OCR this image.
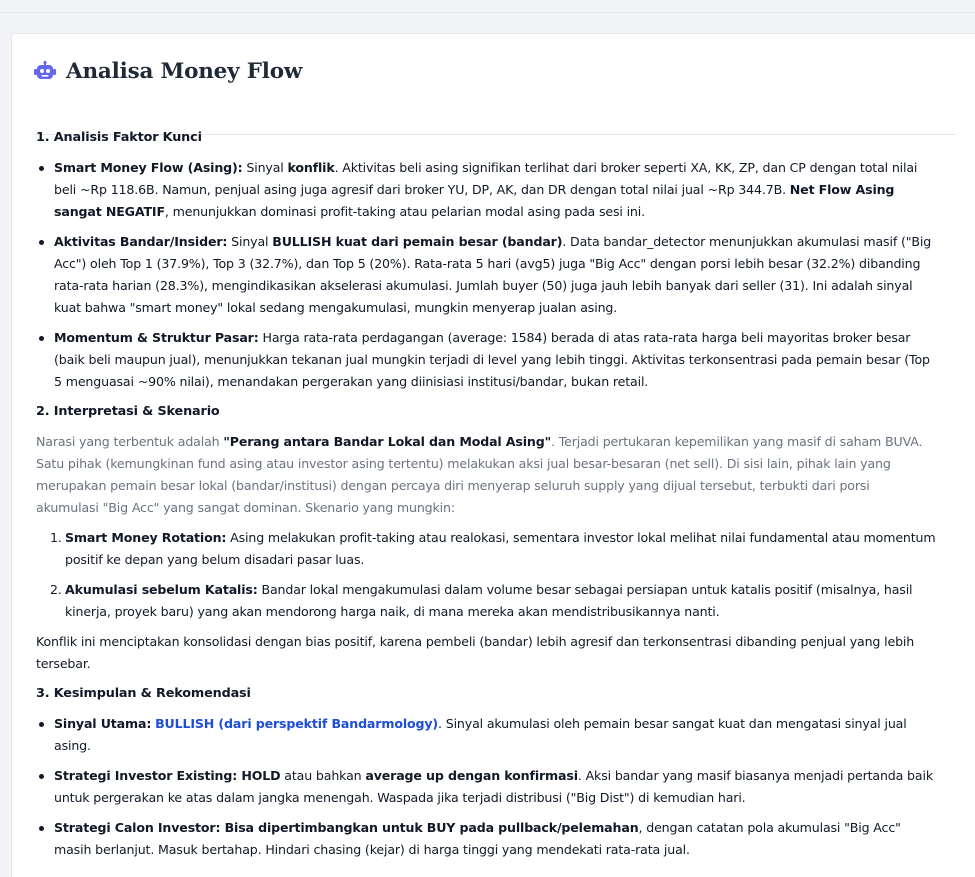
Analisa Money Flow
1. Analisis Faktor Kunci
Smart Money Flow (Asing): Sinyal konflik. Aktivitas beli asing signifikan terlihat dari broker seperti XA, KK, ZP, dan CP dengan total nilai beli ~Rp 118.6B. Namun, penjual asing juga agresif dari broker YU, DP, AK, dan DR dengan total nilai jual ~Rp 344.7B. Net Flow Asing sangat NEGATIF, menunjukkan dominasi profit-taking atau pelarian modal asing pada sesi ini.
Aktivitas Bandar/Insider: Sinyal BULLISH kuat dari pemain besar (bandar). Data bandar_detector menunjukkan akumulasi masif ("Big Acc") oleh Top 1 (37.9%), Top 3 (32.7%), dan Top 5 (20%). Rata-rata 5 hari (avg5) juga "Big Acc" dengan porsi lebih besar (32.2%) dibanding rata-rata harian (28.3%), mengindikasikan akselerasi akumulasi. Jumlah buyer (50) juga jauh lebih banyak dari seller (31). Ini adalah sinyal kuat bahwa "smart money" lokal sedang mengakumulasi, mungkin menyerap jualan asing.
Momentum & Struktur Pasar: Harga rata-rata perdagangan (average: 1584) berada di atas rata-rata harga beli mayoritas broker besar (baik beli maupun jual), menunjukkan tekanan jual mungkin terjadi di level yang lebih tinggi. Aktivitas terkonsentrasi pada pemain besar (Top 5 menguasai ~90% nilai), menandakan pergerakan yang diinisiasi institusi/bandar, bukan retail.
2. Interpretasi & Skenario

Narasi yang terbentuk adalah "Perang antara Bandar Lokal dan Modal Asing". Terjadi pertukaran kepemilikan yang masif di saham BUVA. Satu pihak (kemungkinan fund asing atau investor asing tertentu) melakukan aksi jual besar-besaran (net sell). Di sisi lain, pihak lain yang merupakan pemain besar lokal (bandar/institusi) dengan percaya diri menyerap seluruh supply yang dijual tersebut, terbukti dari porsi akumulasi "Big Acc" yang sangat dominan. Skenario yang mungkin:

1. Smart Money Rotation: Asing melakukan profit-taking atau realokasi, sementara investor lokal melihat nilai fundamental atau momentum positif ke depan yang belum disadari pasar luas.
2. Akumulasi sebelum Katalis: Bandar lokal mengakumulasi dalam volume besar sebagai persiapan untuk katalis positif (misalnya, hasil kinerja, proyek baru) yang akan mendorong harga naik, di mana mereka akan mendistribusikannya nanti.

Konflik ini menciptakan konsolidasi dengan bias positif, karena pembeli (bandar) lebih agresif dan terkonsentrasi dibanding penjual yang lebih tersebar.

3. Kesimpulan & Rekomendasi
Sinyal Utama: BULLISH (dari perspektif Bandarmology). Sinyal akumulasi oleh pemain besar sangat kuat dan mengatasi sinyal jual asing.
Strategi Investor Existing: HOLD atau bahkan average up dengan konfirmasi. Aksi bandar yang masif biasanya menjadi pertanda baik untuk pergerakan ke atas dalam jangka menengah. Waspada jika terjadi distribusi ("Big Dist") di kemudian hari.
Strategi Calon Investor: Bisa dipertimbangkan untuk BUY pada pullback/pelemahan, dengan catatan pola akumulasi "Big Acc" masih berlanjut. Masuk bertahap. Hindari chasing (kejar) di harga tinggi yang mendekati rata-rata jual.
